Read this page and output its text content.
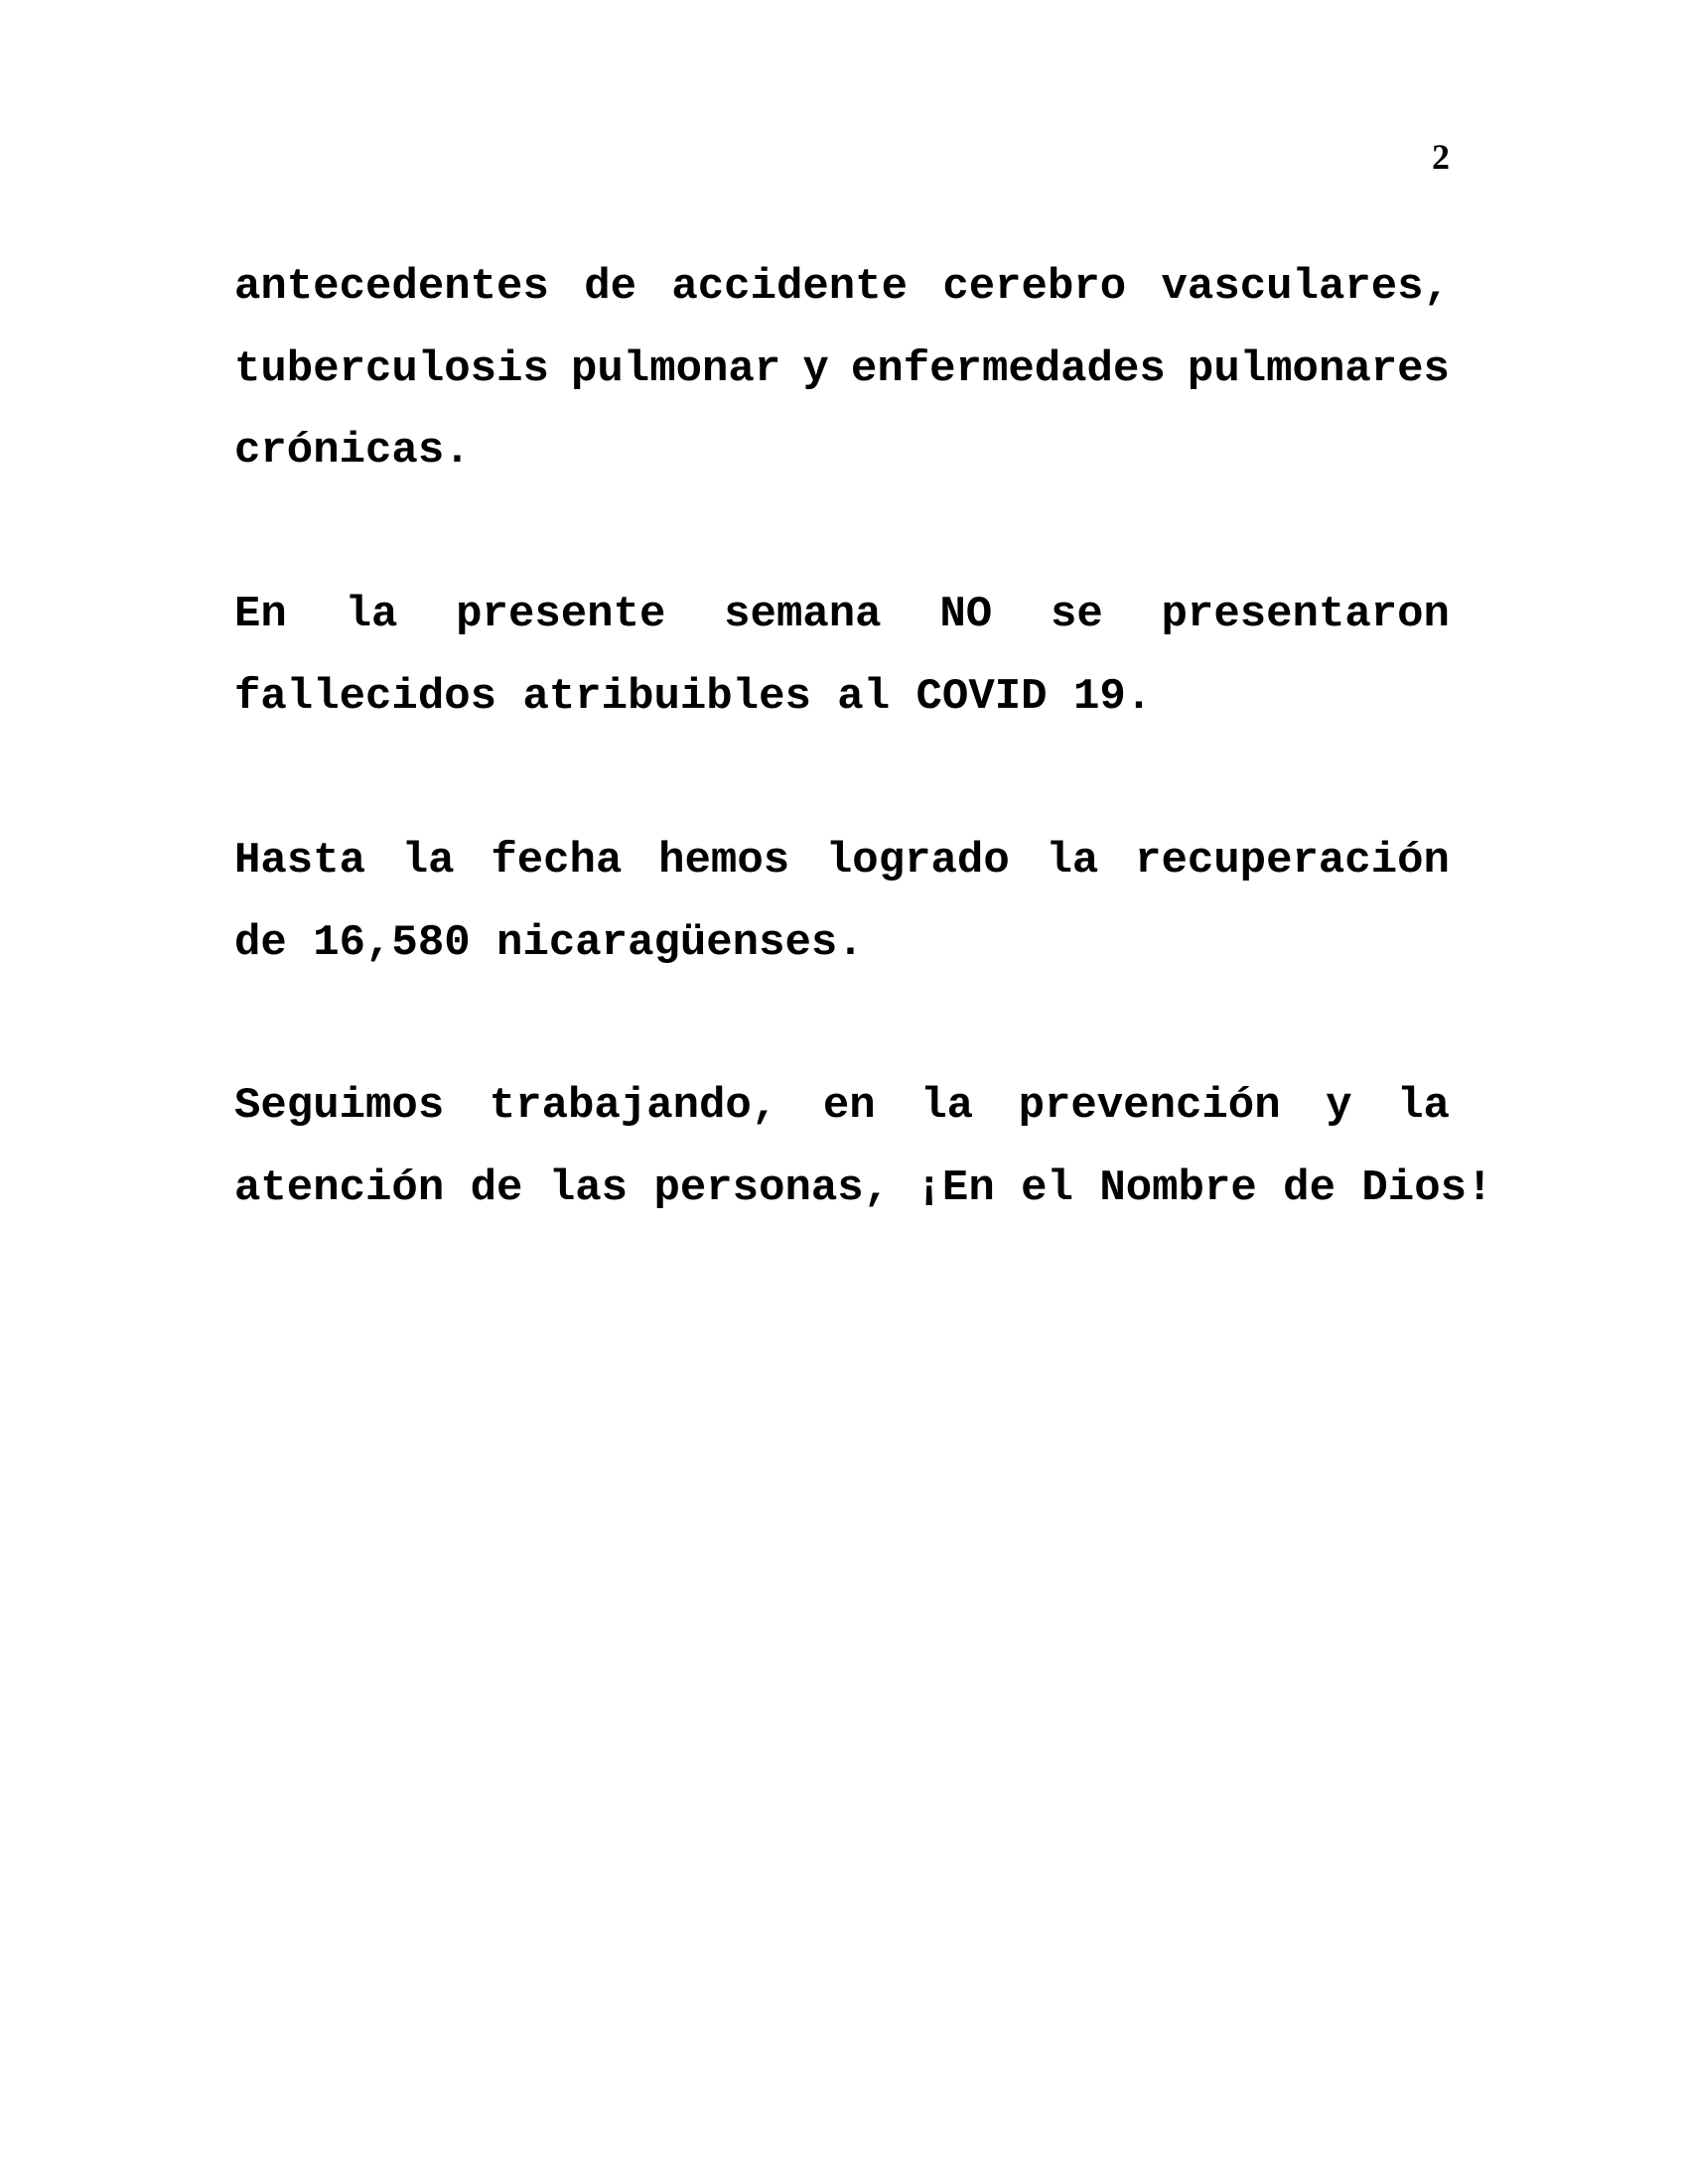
2
antecedentes de accidente cerebro vasculares,
tuberculosis pulmonar y enfermedades pulmonares
crónicas.
En la presente semana NO se presentaron
fallecidos atribuibles al COVID 19.
Hasta la fecha hemos logrado la recuperación
de 16,580 nicaragüenses.
Seguimos trabajando, en la prevención y la
atención de las personas, ¡En el Nombre de Dios!
